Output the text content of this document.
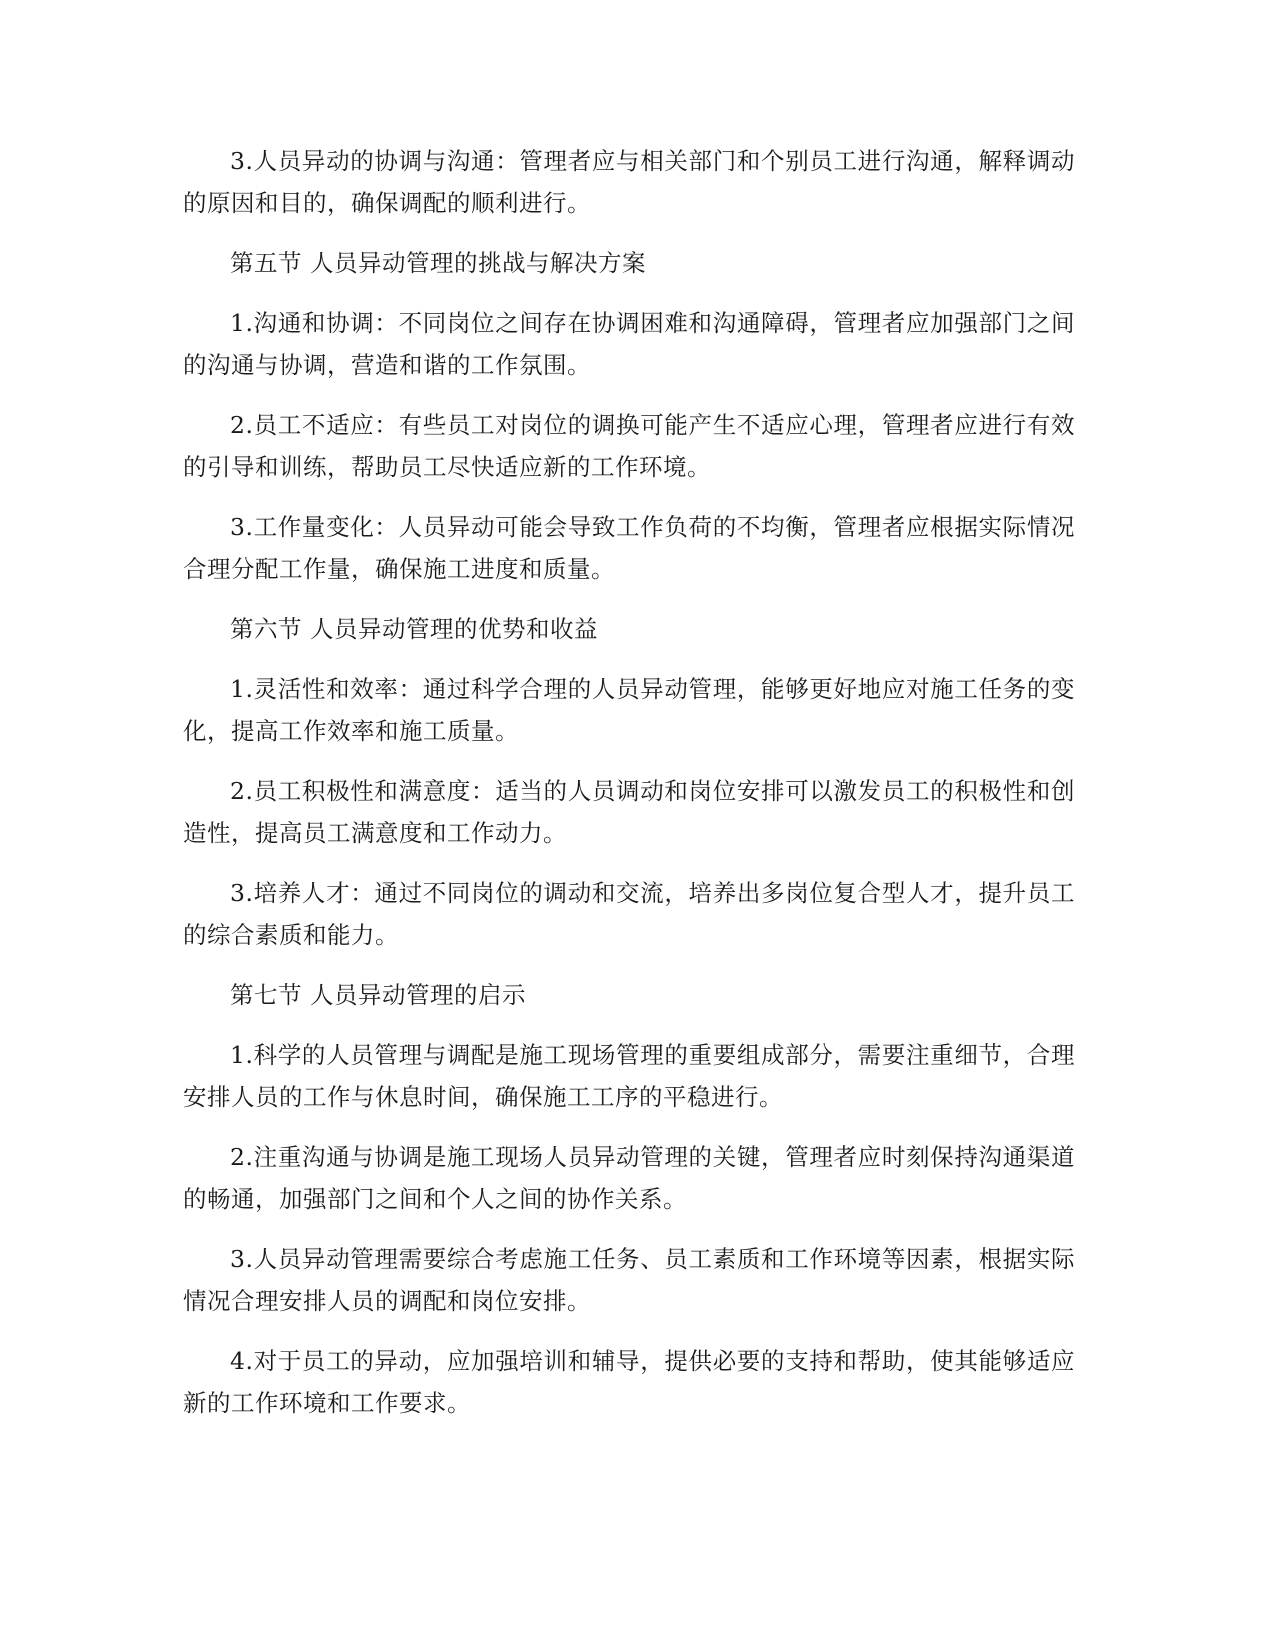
3.人员异动的协调与沟通：管理者应与相关部门和个别员工进行沟通，解释调动的原因和目的，确保调配的顺利进行。

第五节 人员异动管理的挑战与解决方案

1.沟通和协调：不同岗位之间存在协调困难和沟通障碍，管理者应加强部门之间的沟通与协调，营造和谐的工作氛围。

2.员工不适应：有些员工对岗位的调换可能产生不适应心理，管理者应进行有效的引导和训练，帮助员工尽快适应新的工作环境。

3.工作量变化：人员异动可能会导致工作负荷的不均衡，管理者应根据实际情况合理分配工作量，确保施工进度和质量。

第六节 人员异动管理的优势和收益

1.灵活性和效率：通过科学合理的人员异动管理，能够更好地应对施工任务的变化，提高工作效率和施工质量。

2.员工积极性和满意度：适当的人员调动和岗位安排可以激发员工的积极性和创造性，提高员工满意度和工作动力。

3.培养人才：通过不同岗位的调动和交流，培养出多岗位复合型人才，提升员工的综合素质和能力。

第七节 人员异动管理的启示

1.科学的人员管理与调配是施工现场管理的重要组成部分，需要注重细节，合理安排人员的工作与休息时间，确保施工工序的平稳进行。

2.注重沟通与协调是施工现场人员异动管理的关键，管理者应时刻保持沟通渠道的畅通，加强部门之间和个人之间的协作关系。

3.人员异动管理需要综合考虑施工任务、员工素质和工作环境等因素，根据实际情况合理安排人员的调配和岗位安排。

4.对于员工的异动，应加强培训和辅导，提供必要的支持和帮助，使其能够适应新的工作环境和工作要求。
